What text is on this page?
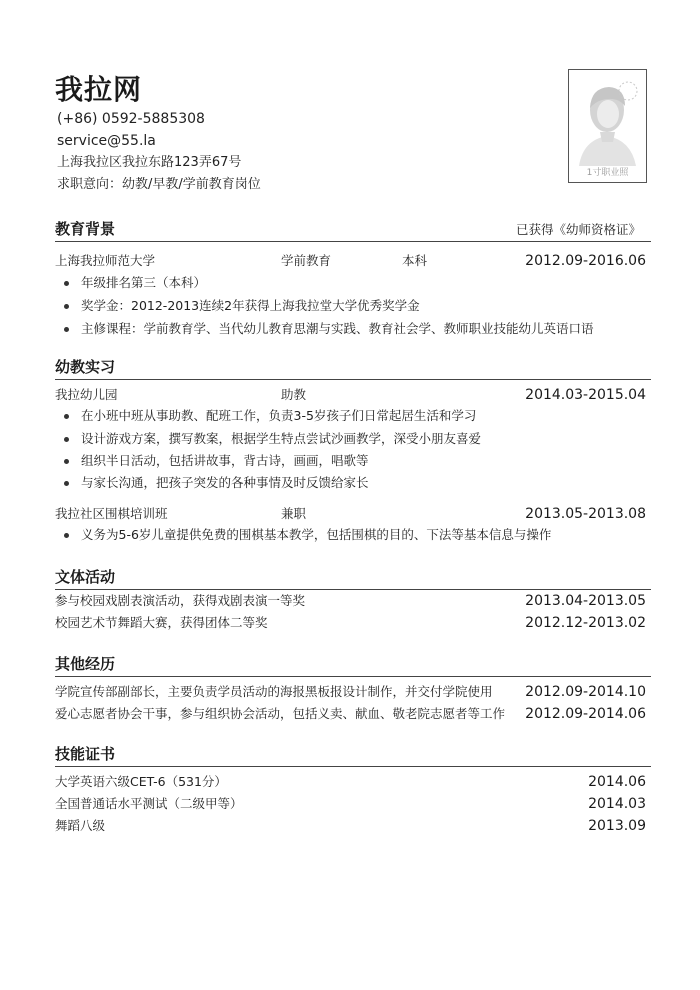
我拉网
(+86) 0592-5885308
service@55.la
上海我拉区我拉东路123弄67号
求职意向：幼教/早教/学前教育岗位
1寸职业照
教育背景	已获得《幼师资格证》
上海我拉师范大学	学前教育	本科	2012.09-2016.06
年级排名第三（本科）
奖学金：2012-2013连续2年获得上海我拉堂大学优秀奖学金
主修课程：学前教育学、当代幼儿教育思潮与实践、教育社会学、教师职业技能幼儿英语口语
幼教实习
我拉幼儿园	助教	2014.03-2015.04
在小班中班从事助教、配班工作，负责3-5岁孩子们日常起居生活和学习
设计游戏方案，撰写教案，根据学生特点尝试沙画教学，深受小朋友喜爱
组织半日活动，包括讲故事，背古诗，画画，唱歌等
与家长沟通，把孩子突发的各种事情及时反馈给家长
我拉社区围棋培训班	兼职	2013.05-2013.08
义务为5-6岁儿童提供免费的围棋基本教学，包括围棋的目的、下法等基本信息与操作
文体活动
参与校园戏剧表演活动，获得戏剧表演一等奖	2013.04-2013.05
校园艺术节舞蹈大赛，获得团体二等奖	2012.12-2013.02
其他经历
学院宣传部副部长，主要负责学员活动的海报黑板报设计制作，并交付学院使用 2012.09-2014.10
爱心志愿者协会干事，参与组织协会活动，包括义卖、献血、敬老院志愿者等工作 2012.09-2014.06
技能证书
大学英语六级CET-6（531分）	2014.06
全国普通话水平测试（二级甲等）	2014.03
舞蹈八级	2013.09
